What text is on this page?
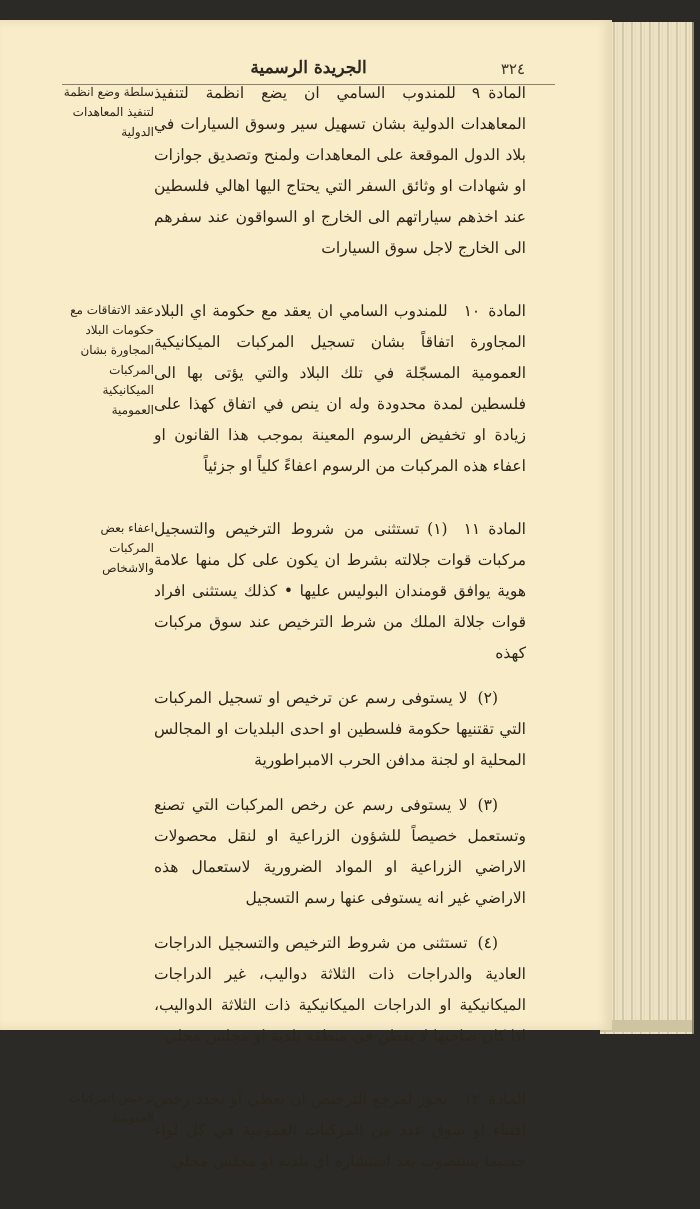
٣٢٤
الجريدة الرسمية

المادة٩للمندوب السامي ان يضع انظمة لتنفيذ المعاهدات الدولية بشان تسهيل سير وسوق السيارات في بلاد الدول الموقعة على المعاهدات ولمنح وتصديق جوازات او شهادات او وثائق السفر التي يحتاج اليها اهالي فلسطين عند اخذهم سياراتهم الى الخارج او السواقون عند سفرهم الى الخارج لاجل سوق السيارات

سلطة وضع انظمة لتنفيذ المعاهدات الدولية

المادة١٠للمندوب السامي ان يعقد مع حكومة اي البلاد المجاورة اتفاقاً بشان تسجيل المركبات الميكانيكية العمومية المسجّلة في تلك البلاد والتي يؤتى بها الى فلسطين لمدة محدودة وله ان ينص في اتفاق كهذا على زيادة او تخفيض الرسوم المعينة بموجب هذا القانون او اعفاء هذه المركبات من الرسوم اعفاءً كلياً او جزئياً

عقد الاتفاقات مع حكومات البلاد المجاورة بشان المركبات الميكانيكية العمومية

المادة١١(١)تستثنى من شروط الترخيص والتسجيل مركبات قوات جلالته بشرط ان يكون على كل منها علامة هوية يوافق قومندان البوليس عليها • كذلك يستثنى افراد قوات جلالة الملك من شرط الترخيص عند سوق مركبات كهذه

(٢)لا يستوفى رسم عن ترخيص او تسجيل المركبات التي تقتنيها حكومة فلسطين او احدى البلديات او المجالس المحلية او لجنة مدافن الحرب الامبراطورية

(٣)لا يستوفى رسم عن رخص المركبات التي تصنع وتستعمل خصيصاً للشؤون الزراعية او لنقل محصولات الاراضي الزراعية او المواد الضرورية لاستعمال هذه الاراضي غير انه يستوفى عنها رسم التسجيل

(٤)تستثنى من شروط الترخيص والتسجيل الدراجات العادية والدراجات ذات الثلاثة دواليب، غير الدراجات الميكانيكية او الدراجات الميكانيكية ذات الثلاثة الدواليب، اذا كان صاحبها لا يقطن في منطقة بلدية او مجلس محلي

اعفاء بعض المركبات والاشخاص

المادة١٢يجوز لمرجع الترخيص ان يعطي او يجدد رخص اقتناء او سوق عدد من المركبات العمومية في كل لواء حسبما يستصوب بعد استشارة اي بلدية او مجلس محلي

ترخيص المركبات العمومية
